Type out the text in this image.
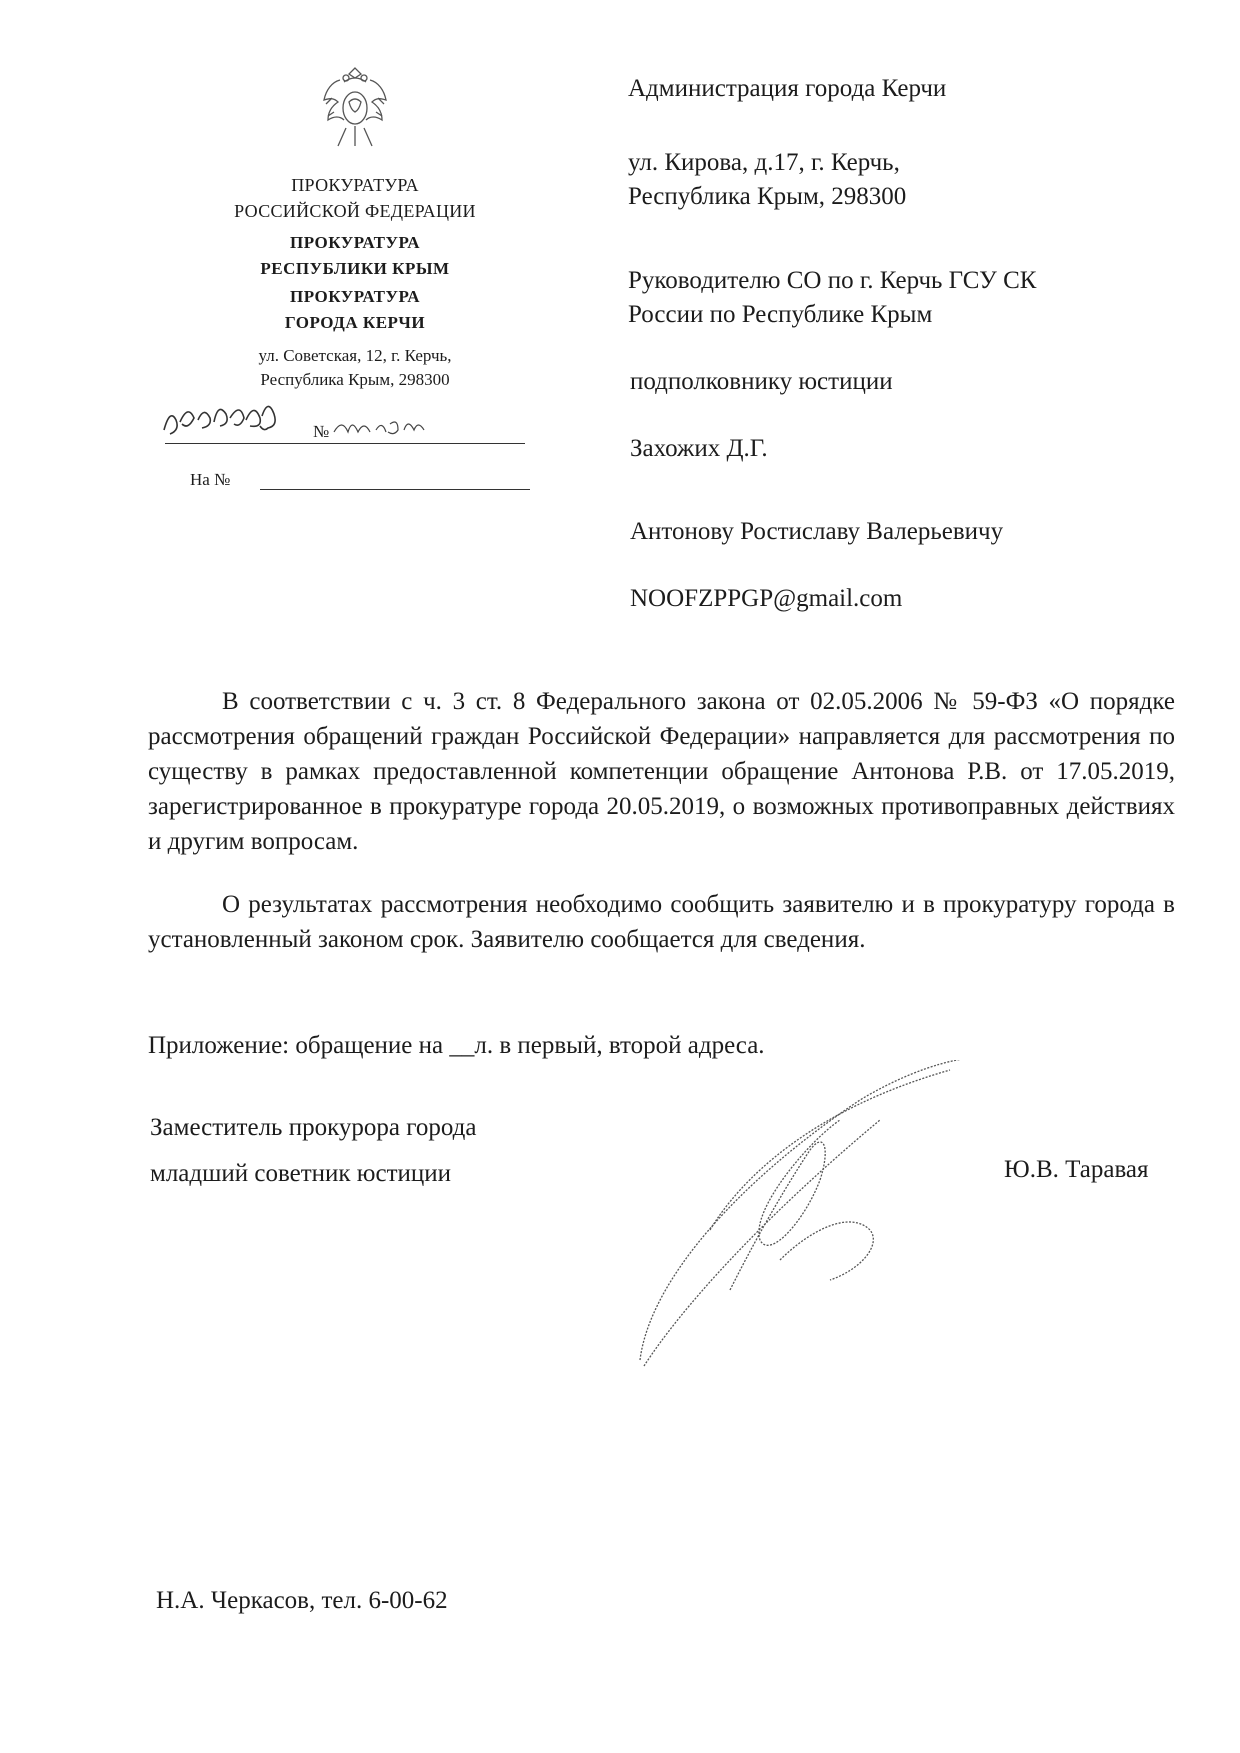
ПРОКУРАТУРА
РОССИЙСКОЙ ФЕДЕРАЦИИ
ПРОКУРАТУРА
РЕСПУБЛИКИ КРЫМ
ПРОКУРАТУРА
ГОРОДА КЕРЧИ
ул. Советская, 12, г. Керчь,
Республика Крым, 298300
№
На №
Администрация города Керчи
ул. Кирова, д.17, г. Керчь,
Республика Крым, 298300
Руководителю СО по г. Керчь ГСУ СК
России по Республике Крым
подполковнику юстиции
Захожих Д.Г.
Антонову Ростиславу Валерьевичу
NOOFZPPGP@gmail.com
В соответствии с ч. 3 ст. 8 Федерального закона от 02.05.2006 № 59-ФЗ «О порядке рассмотрения обращений граждан Российской Федерации» направляется для рассмотрения по существу в рамках предоставленной компетенции обращение Антонова Р.В. от 17.05.2019, зарегистрированное в прокуратуре города 20.05.2019, о возможных противоправных действиях и другим вопросам.
О результатах рассмотрения необходимо сообщить заявителю и в прокуратуру города в установленный законом срок. Заявителю сообщается для сведения.
Приложение: обращение на __л. в первый, второй адреса.
Заместитель прокурора города
младший советник юстиции	Ю.В. Таравая
Н.А. Черкасов, тел. 6-00-62
